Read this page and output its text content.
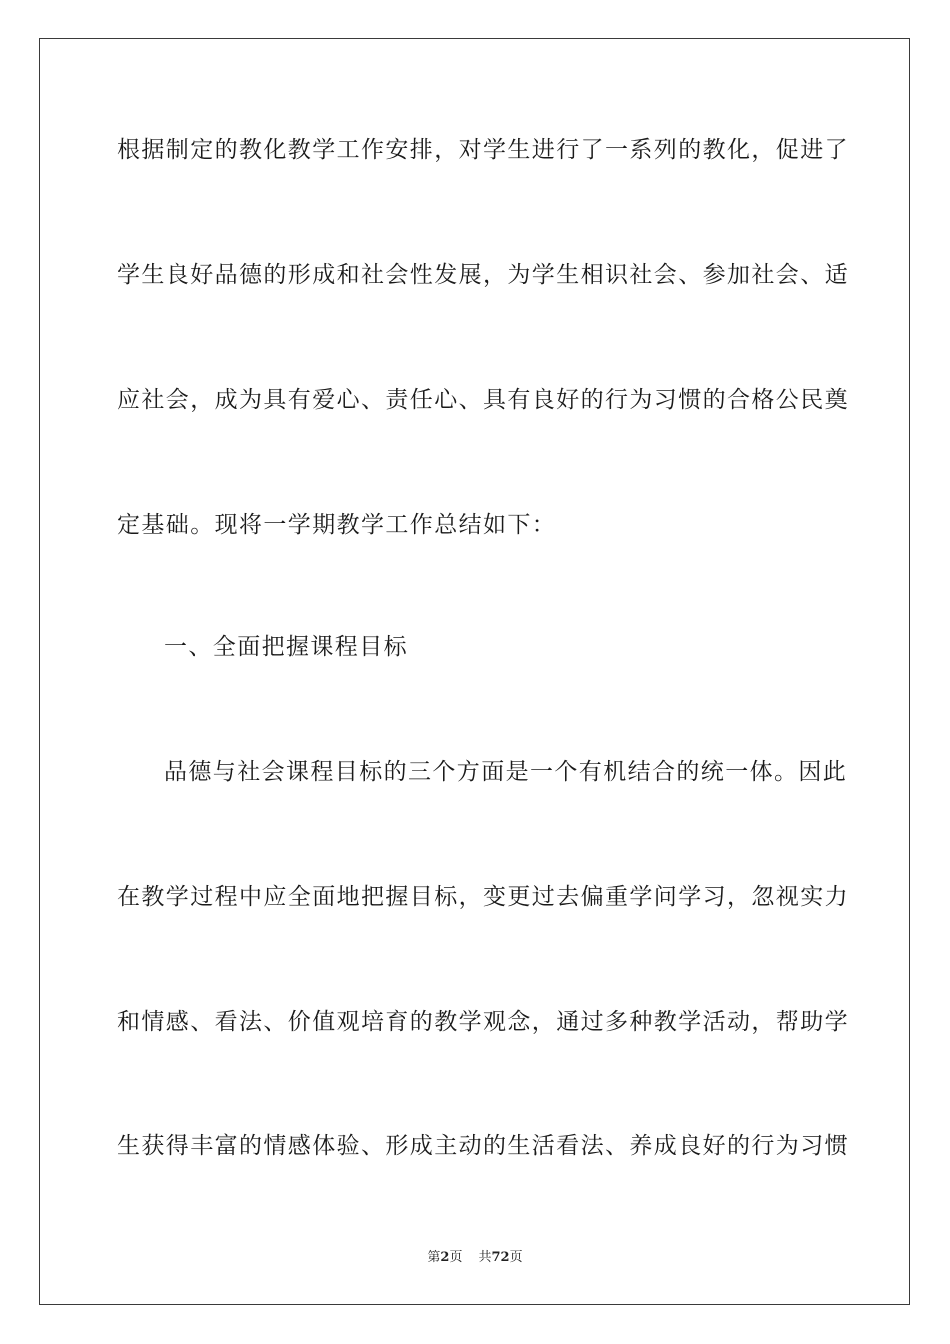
根据制定的教化教学工作安排，对学生进行了一系列的教化，促进了
学生良好品德的形成和社会性发展，为学生相识社会、参加社会、适
应社会，成为具有爱心、责任心、具有良好的行为习惯的合格公民奠
定基础。现将一学期教学工作总结如下：
一、全面把握课程目标
品德与社会课程目标的三个方面是一个有机结合的统一体。因此
在教学过程中应全面地把握目标，变更过去偏重学问学习，忽视实力
和情感、看法、价值观培育的教学观念，通过多种教学活动，帮助学
生获得丰富的情感体验、形成主动的生活看法、养成良好的行为习惯
第2页 共72页
